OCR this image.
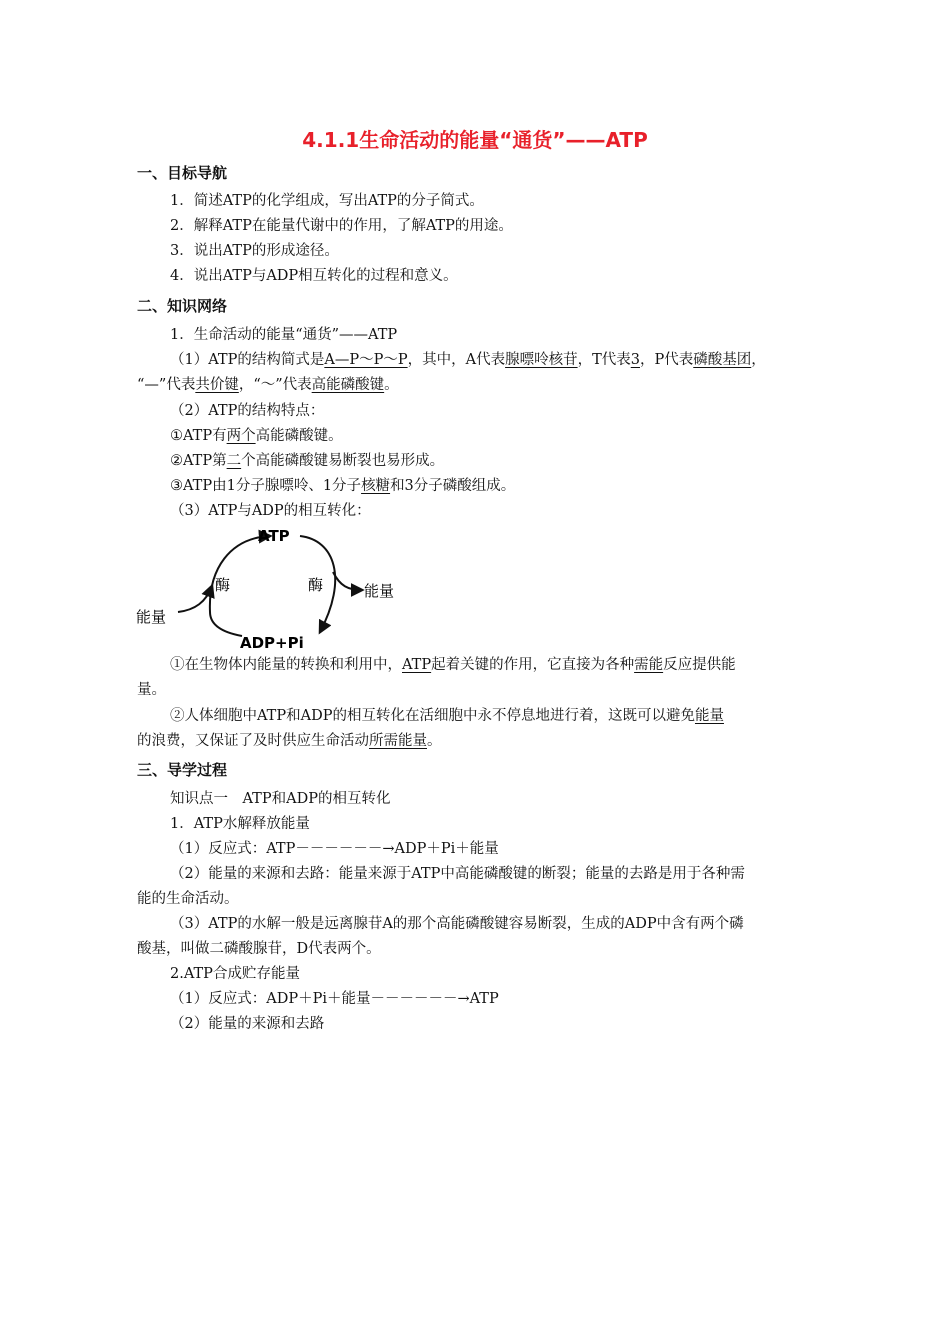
4.1.1生命活动的能量“通货”——ATP
一、目标导航
1．简述ATP的化学组成，写出ATP的分子简式。
2．解释ATP在能量代谢中的作用，了解ATP的用途。
3．说出ATP的形成途径。
4．说出ATP与ADP相互转化的过程和意义。
二、知识网络
1．生命活动的能量“通货”——ATP
（1）ATP的结构简式是A—P～P～P，其中，A代表腺嘌呤核苷，T代表3，P代表磷酸基团，
“—”代表共价键，“～”代表高能磷酸键。
（2）ATP的结构特点：
①ATP有两个高能磷酸键。
②ATP第二个高能磷酸键易断裂也易形成。
③ATP由1分子腺嘌呤、1分子核糖和3分子磷酸组成。
（3）ATP与ADP的相互转化：
ATP
ADP+Pi
酶	酶
能量
能量
①在生物体内能量的转换和利用中，ATP起着关键的作用，它直接为各种需能反应提供能
量。
②人体细胞中ATP和ADP的相互转化在活细胞中永不停息地进行着，这既可以避免能量
的浪费，又保证了及时供应生命活动所需能量。
三、导学过程
知识点一　ATP和ADP的相互转化
1．ATP水解释放能量
（1）反应式：ATP－－－－－－→ADP＋Pi＋能量
（2）能量的来源和去路：能量来源于ATP中高能磷酸键的断裂；能量的去路是用于各种需
能的生命活动。
（3）ATP的水解一般是远离腺苷A的那个高能磷酸键容易断裂，生成的ADP中含有两个磷
酸基，叫做二磷酸腺苷，D代表两个。
2.ATP合成贮存能量
（1）反应式：ADP＋Pi＋能量－－－－－－→ATP
（2）能量的来源和去路
